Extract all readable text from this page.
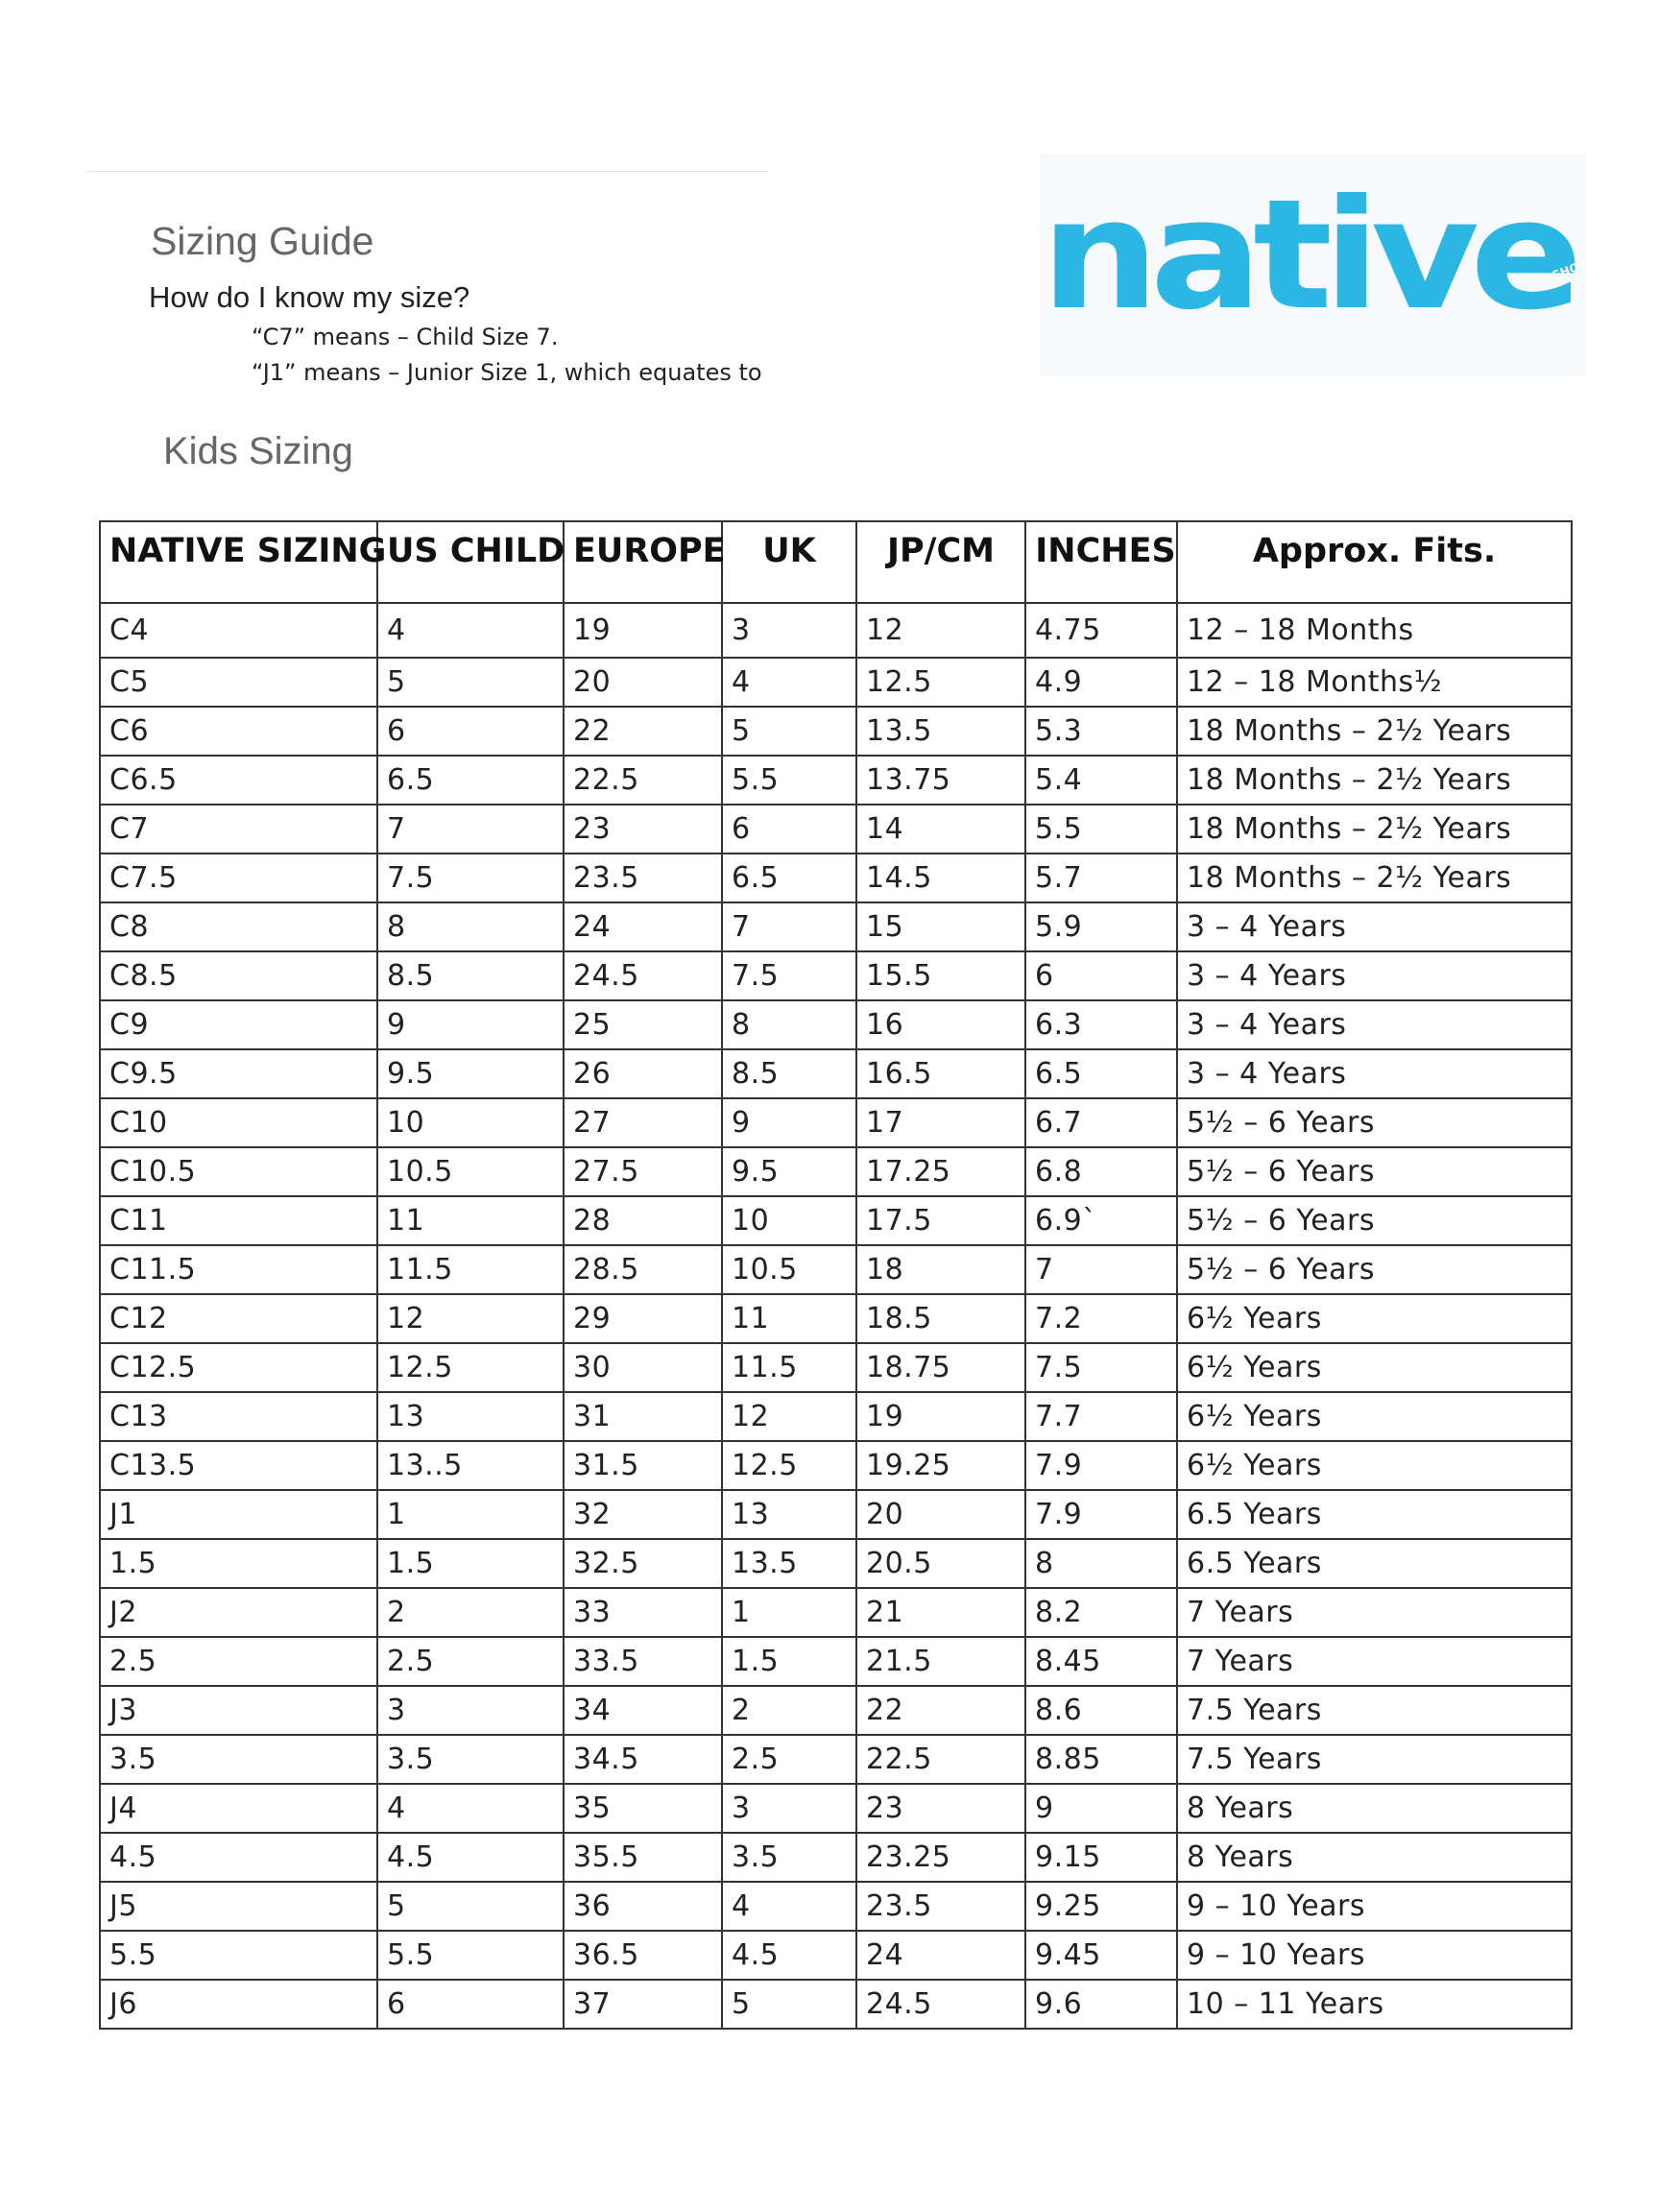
Sizing Guide
How do I know my size?
“C7” means – Child Size 7.
“J1” means – Junior Size 1, which equates to
Kids Sizing
native
SHOES
NATIVE SIZING	US CHILD	EUROPE	UK	JP/CM	INCHES	Approx. Fits.
C4	4	19	3	12	4.75	12 – 18 Months
C5	5	20	4	12.5	4.9	12 – 18 Months½
C6	6	22	5	13.5	5.3	18 Months – 2½ Years
C6.5	6.5	22.5	5.5	13.75	5.4	18 Months – 2½ Years
C7	7	23	6	14	5.5	18 Months – 2½ Years
C7.5	7.5	23.5	6.5	14.5	5.7	18 Months – 2½ Years
C8	8	24	7	15	5.9	3 – 4 Years
C8.5	8.5	24.5	7.5	15.5	6	3 – 4 Years
C9	9	25	8	16	6.3	3 – 4 Years
C9.5	9.5	26	8.5	16.5	6.5	3 – 4 Years
C10	10	27	9	17	6.7	5½ – 6 Years
C10.5	10.5	27.5	9.5	17.25	6.8	5½ – 6 Years
C11	11	28	10	17.5	6.9`	5½ – 6 Years
C11.5	11.5	28.5	10.5	18	7	5½ – 6 Years
C12	12	29	11	18.5	7.2	6½ Years
C12.5	12.5	30	11.5	18.75	7.5	6½ Years
C13	13	31	12	19	7.7	6½ Years
C13.5	13..5	31.5	12.5	19.25	7.9	6½ Years
J1	1	32	13	20	7.9	6.5 Years
1.5	1.5	32.5	13.5	20.5	8	6.5 Years
J2	2	33	1	21	8.2	7 Years
2.5	2.5	33.5	1.5	21.5	8.45	7 Years
J3	3	34	2	22	8.6	7.5 Years
3.5	3.5	34.5	2.5	22.5	8.85	7.5 Years
J4	4	35	3	23	9	8 Years
4.5	4.5	35.5	3.5	23.25	9.15	8 Years
J5	5	36	4	23.5	9.25	9 – 10 Years
5.5	5.5	36.5	4.5	24	9.45	9 – 10 Years
J6	6	37	5	24.5	9.6	10 – 11 Years
